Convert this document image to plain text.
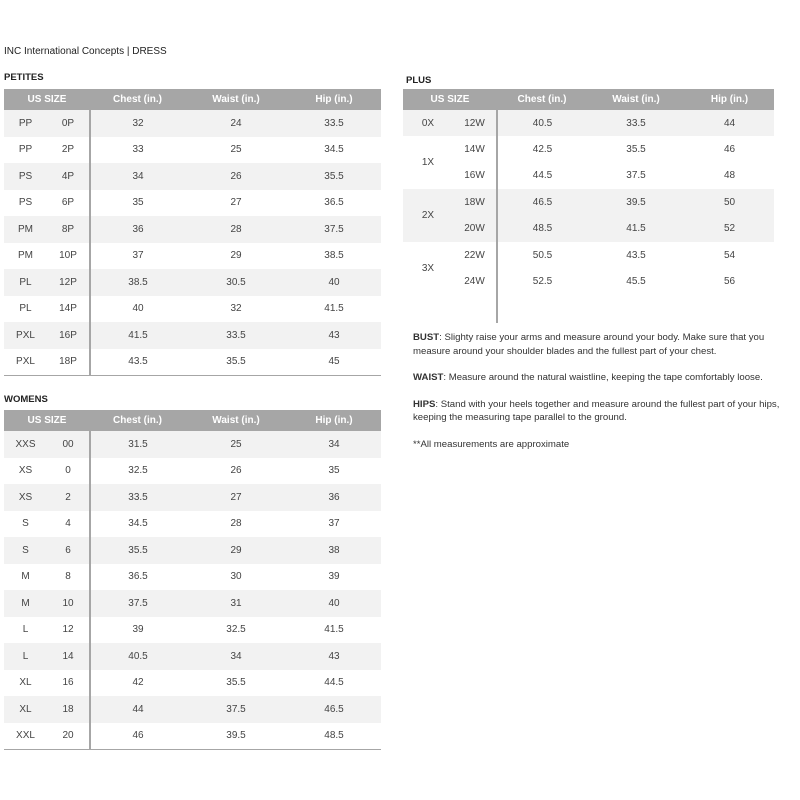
INC International Concepts | DRESS
PETITES
US SIZE		Chest (in.)	Waist (in.)	Hip (in.)
PP	0P	32	24	33.5
PP	2P	33	25	34.5
PS	4P	34	26	35.5
PS	6P	35	27	36.5
PM	8P	36	28	37.5
PM	10P	37	29	38.5
PL	12P	38.5	30.5	40
PL	14P	40	32	41.5
PXL	16P	41.5	33.5	43
PXL	18P	43.5	35.5	45
WOMENS
US SIZE		Chest (in.)	Waist (in.)	Hip (in.)
XXS	00	31.5	25	34
XS	0	32.5	26	35
XS	2	33.5	27	36
S	4	34.5	28	37
S	6	35.5	29	38
M	8	36.5	30	39
M	10	37.5	31	40
L	12	39	32.5	41.5
L	14	40.5	34	43
XL	16	42	35.5	44.5
XL	18	44	37.5	46.5
XXL	20	46	39.5	48.5
PLUS
US SIZE		Chest (in.)	Waist (in.)	Hip (in.)
0X	12W	40.5	33.5	44
1X	14W	42.5	35.5	46
	16W	44.5	37.5	48
2X	18W	46.5	39.5	50
	20W	48.5	41.5	52
3X	22W	50.5	43.5	54
	24W	52.5	45.5	56

BUST: Slighty raise your arms and measure around your body. Make sure that you measure around your shoulder blades and the fullest part of your chest.

WAIST: Measure around the natural waistline, keeping the tape comfortably loose.

HIPS: Stand with your heels together and measure around the fullest part of your hips, keeping the measuring tape parallel to the ground.

**All measurements are approximate
